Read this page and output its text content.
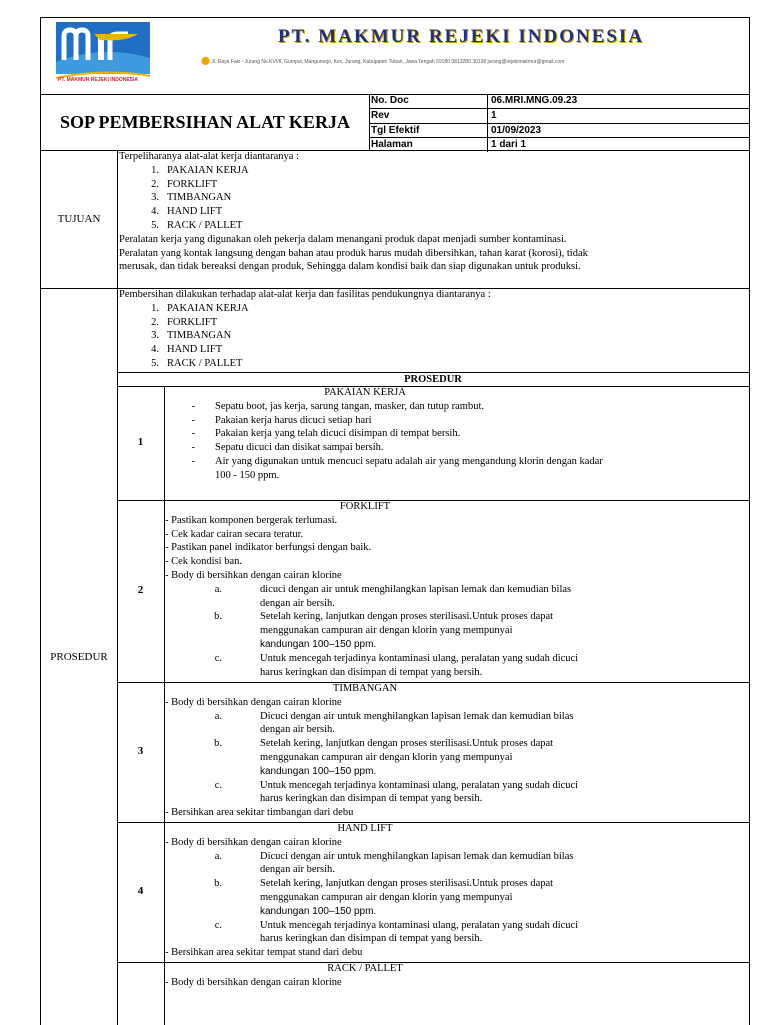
PT. MAKMUR REJEKI INDONESIA
PT. MAKMUR REJEKI INDONESIA
⬤ Jl. Raya Faki - Jurang No.KVI/II, Gumpul, Mangunrejo, Kec. Jurang, Kabupaten Tuban, Jawa Tengah 59180 0813280 30138 jurang@rejekimakmur@gmail.com
SOP PEMBERSIHAN ALAT KERJA
No. Doc	06.MRI.MNG.09.23
Rev	1
Tgl Efektif	01/09/2023
Halaman	1 dari 1
TUJUAN
Terpeliharanya alat-alat kerja diantaranya :
1. PAKAIAN KERJA
2. FORKLIFT
3. TIMBANGAN
4. HAND LIFT
5. RACK / PALLET
Peralatan kerja yang digunakan oleh pekerja dalam menangani produk dapat menjadi sumber kontaminasi. Peralatan yang kontak langsung dengan bahan atau produk harus mudah dibersihkan, tahan karat (korosi), tidak merusak, dan tidak bereaksi dengan produk, Sehingga dalam kondisi baik dan siap digunakan untuk produksi.
PROSEDUR
Pembersihan dilakukan terhadap alat-alat kerja dan fasilitas pendukungnya diantaranya :
1. PAKAIAN KERJA
2. FORKLIFT
3. TIMBANGAN
4. HAND LIFT
5. RACK / PALLET
PROSEDUR
1
PAKAIAN KERJA
-	Sepatu boot, jas kerja, sarung tangan, masker, dan tutup rambut.
-	Pakaian kerja harus dicuci setiap hari
-	Pakaian kerja yang telah dicuci disimpan di tempat bersih.
-	Sepatu dicuci dan disikat sampai bersih.
-	Air yang digunakan untuk mencuci sepatu adalah air yang mengandung klorin dengan kadar 100 - 150 ppm.
2
FORKLIFT
- Pastikan komponen bergerak terlumasi.
- Cek kadar cairan secara teratur.
- Pastikan panel indikator berfungsi dengan baik.
- Cek kondisi ban.
- Body di bersihkan dengan cairan klorine
a.	dicuci dengan air untuk menghilangkan lapisan lemak dan kemudian bilas dengan air bersih.
b.	Setelah kering, lanjutkan dengan proses sterilisasi.Untuk proses dapat menggunakan campuran air dengan klorin yang mempunyai
kandungan 100–150 ppm.
c.	Untuk mencegah terjadinya kontaminasi ulang, peralatan yang sudah dicuci harus keringkan dan disimpan di tempat yang bersih.
3
TIMBANGAN
- Body di bersihkan dengan cairan klorine
a.	Dicuci dengan air untuk menghilangkan lapisan lemak dan kemudian bilas dengan air bersih.
b.	Setelah kering, lanjutkan dengan proses sterilisasi.Untuk proses dapat menggunakan campuran air dengan klorin yang mempunyai
kandungan 100–150 ppm.
c.	Untuk mencegah terjadinya kontaminasi ulang, peralatan yang sudah dicuci harus keringkan dan disimpan di tempat yang bersih.
- Bersihkan area sekitar timbangan dari debu
4
HAND LIFT
- Body di bersihkan dengan cairan klorine
a.	Dicuci dengan air untuk menghilangkan lapisan lemak dan kemudian bilas dengan air bersih.
b.	Setelah kering, lanjutkan dengan proses sterilisasi.Untuk proses dapat menggunakan campuran air dengan klorin yang mempunyai
kandungan 100–150 ppm.
c.	Untuk mencegah terjadinya kontaminasi ulang, peralatan yang sudah dicuci harus keringkan dan disimpan di tempat yang bersih.
- Bersihkan area sekitar tempat stand dari debu
RACK / PALLET
- Body di bersihkan dengan cairan klorine
